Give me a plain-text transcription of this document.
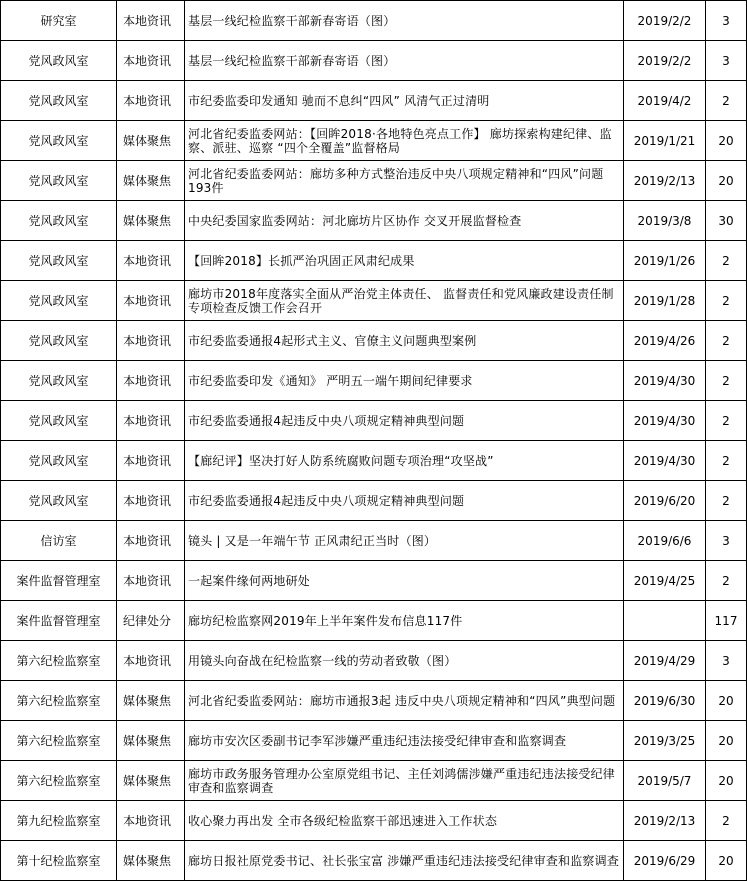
研究室	本地资讯	基层一线纪检监察干部新春寄语（图）	2019/2/2	3
党风政风室	本地资讯	基层一线纪检监察干部新春寄语（图）	2019/2/2	3
党风政风室	本地资讯	市纪委监委印发通知 驰而不息纠“四风” 风清气正过清明	2019/4/2	2
党风政风室	媒体聚焦	河北省纪委监委网站：【回眸2018·各地特色亮点工作】 廊坊探索构建纪律、监察、派驻、巡察 “四个全覆盖”监督格局	2019/1/21	20
党风政风室	媒体聚焦	河北省纪委监委网站：廊坊多种方式整治违反中央八项规定精神和“四风”问题193件	2019/2/13	20
党风政风室	媒体聚焦	中央纪委国家监委网站：河北廊坊片区协作 交叉开展监督检查	2019/3/8	30
党风政风室	本地资讯	【回眸2018】长抓严治巩固正风肃纪成果	2019/1/26	2
党风政风室	本地资讯	廊坊市2018年度落实全面从严治党主体责任、 监督责任和党风廉政建设责任制专项检查反馈工作会召开	2019/1/28	2
党风政风室	本地资讯	市纪委监委通报4起形式主义、官僚主义问题典型案例	2019/4/26	2
党风政风室	本地资讯	市纪委监委印发《通知》 严明五一端午期间纪律要求	2019/4/30	2
党风政风室	本地资讯	市纪委监委通报4起违反中央八项规定精神典型问题	2019/4/30	2
党风政风室	本地资讯	【廊纪评】坚决打好人防系统腐败问题专项治理“攻坚战”	2019/4/30	2
党风政风室	本地资讯	市纪委监委通报4起违反中央八项规定精神典型问题	2019/6/20	2
信访室	本地资讯	镜头 | 又是一年端午节 正风肃纪正当时（图）	2019/6/6	3
案件监督管理室	本地资讯	一起案件缘何两地研处	2019/4/25	2
案件监督管理室	纪律处分	廊坊纪检监察网2019年上半年案件发布信息117件		117
第六纪检监察室	本地资讯	用镜头向奋战在纪检监察一线的劳动者致敬（图）	2019/4/29	3
第六纪检监察室	媒体聚焦	河北省纪委监委网站：廊坊市通报3起 违反中央八项规定精神和“四风”典型问题	2019/6/30	20
第六纪检监察室	媒体聚焦	廊坊市安次区委副书记李军涉嫌严重违纪违法接受纪律审查和监察调查	2019/3/25	20
第六纪检监察室	媒体聚焦	廊坊市政务服务管理办公室原党组书记、主任刘鸿儒涉嫌严重违纪违法接受纪律审查和监察调查	2019/5/7	20
第九纪检监察室	本地资讯	收心聚力再出发 全市各级纪检监察干部迅速进入工作状态	2019/2/13	2
第十纪检监察室	媒体聚焦	廊坊日报社原党委书记、社长张宝富 涉嫌严重违纪违法接受纪律审查和监察调查	2019/6/29	20
